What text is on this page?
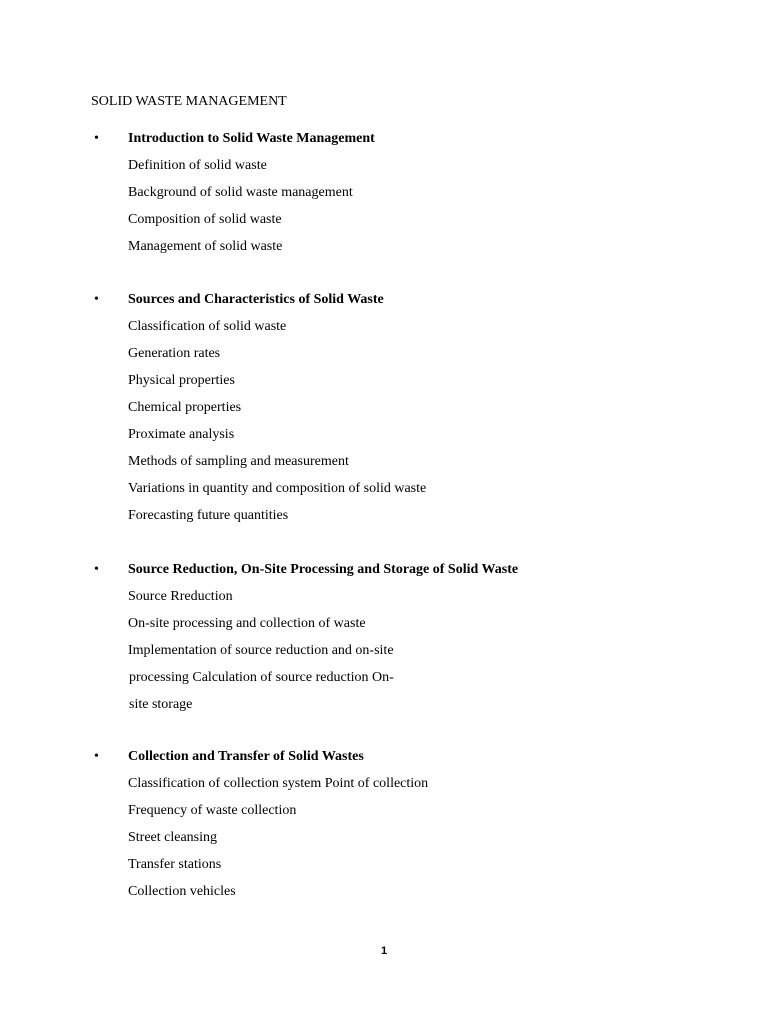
SOLID WASTE MANAGEMENT
• Introduction to Solid Waste Management
Definition of solid waste
Background of solid waste management
Composition of solid waste
Management of solid waste
• Sources and Characteristics of Solid Waste
Classification of solid waste
Generation rates
Physical properties
Chemical properties
Proximate analysis
Methods of sampling and measurement
Variations in quantity and composition of solid waste
Forecasting future quantities
• Source Reduction, On-Site Processing and Storage of Solid Waste
Source Rreduction
On-site processing and collection of waste
Implementation of source reduction and on-site
processing Calculation of source reduction On-
site storage
• Collection and Transfer of Solid Wastes
Classification of collection system Point of collection
Frequency of waste collection
Street cleansing
Transfer stations
Collection vehicles
1
